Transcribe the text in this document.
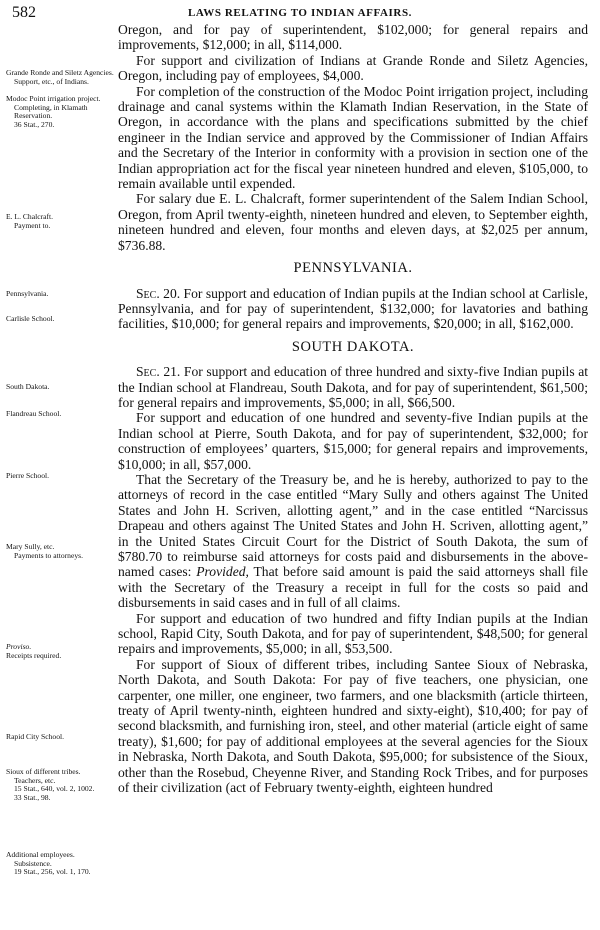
582	LAWS RELATING TO INDIAN AFFAIRS.
Grande Ronde and Siletz Agencies.
Support, etc., of Indians.
Modoc Point irrigation project.
Completing, in Klamath Reservation.
36 Stat., 270.
E. L. Chalcraft.
Payment to.
Pennsylvania.
Carlisle School.
South Dakota.
Flandreau School.
Pierre School.
Mary Sully, etc.
Payments to attorneys.
Proviso.
Receipts required.
Rapid City School.
Sioux of different tribes.
Teachers, etc.
15 Stat., 640, vol. 2, 1002.
33 Stat., 98.
Additional employees.
Subsistence.
19 Stat., 256, vol. 1, 170.

Oregon, and for pay of superintendent, $102,000; for general repairs and improvements, $12,000; in all, $114,000.

For support and civilization of Indians at Grande Ronde and Siletz Agencies, Oregon, including pay of employees, $4,000.

For completion of the construction of the Modoc Point irrigation project, including drainage and canal systems within the Klamath Indian Reservation, in the State of Oregon, in accordance with the plans and specifications submitted by the chief engineer in the Indian service and approved by the Commissioner of Indian Affairs and the Secretary of the Interior in conformity with a provision in section one of the Indian appropriation act for the fiscal year nineteen hundred and eleven, $105,000, to remain available until expended.

For salary due E. L. Chalcraft, former superintendent of the Salem Indian School, Oregon, from April twenty-eighth, nineteen hundred and eleven, to September eighth, nineteen hundred and eleven, four months and eleven days, at $2,025 per annum, $736.88.

PENNSYLVANIA.

Sec. 20. For support and education of Indian pupils at the Indian school at Carlisle, Pennsylvania, and for pay of superintendent, $132,000; for lavatories and bathing facilities, $10,000; for general repairs and improvements, $20,000; in all, $162,000.

SOUTH DAKOTA.

Sec. 21. For support and education of three hundred and sixty-five Indian pupils at the Indian school at Flandreau, South Dakota, and for pay of superintendent, $61,500; for general repairs and improvements, $5,000; in all, $66,500.

For support and education of one hundred and seventy-five Indian pupils at the Indian school at Pierre, South Dakota, and for pay of superintendent, $32,000; for construction of employees’ quarters, $15,000; for general repairs and improvements, $10,000; in all, $57,000.

That the Secretary of the Treasury be, and he is hereby, authorized to pay to the attorneys of record in the case entitled “Mary Sully and others against The United States and John H. Scriven, allotting agent,” and in the case entitled “Narcissus Drapeau and others against The United States and John H. Scriven, allotting agent,” in the United States Circuit Court for the District of South Dakota, the sum of $780.70 to reimburse said attorneys for costs paid and disbursements in the above-named cases: Provided, That before said amount is paid the said attorneys shall file with the Secretary of the Treasury a receipt in full for the costs so paid and disbursements in said cases and in full of all claims.

For support and education of two hundred and fifty Indian pupils at the Indian school, Rapid City, South Dakota, and for pay of superintendent, $48,500; for general repairs and improvements, $5,000; in all, $53,500.

For support of Sioux of different tribes, including Santee Sioux of Nebraska, North Dakota, and South Dakota: For pay of five teachers, one physician, one carpenter, one miller, one engineer, two farmers, and one blacksmith (article thirteen, treaty of April twenty-ninth, eighteen hundred and sixty-eight), $10,400; for pay of second blacksmith, and furnishing iron, steel, and other material (article eight of same treaty), $1,600; for pay of additional employees at the several agencies for the Sioux in Nebraska, North Dakota, and South Dakota, $95,000; for subsistence of the Sioux, other than the Rosebud, Cheyenne River, and Standing Rock Tribes, and for purposes of their civilization (act of February twenty-eighth, eighteen hundred
